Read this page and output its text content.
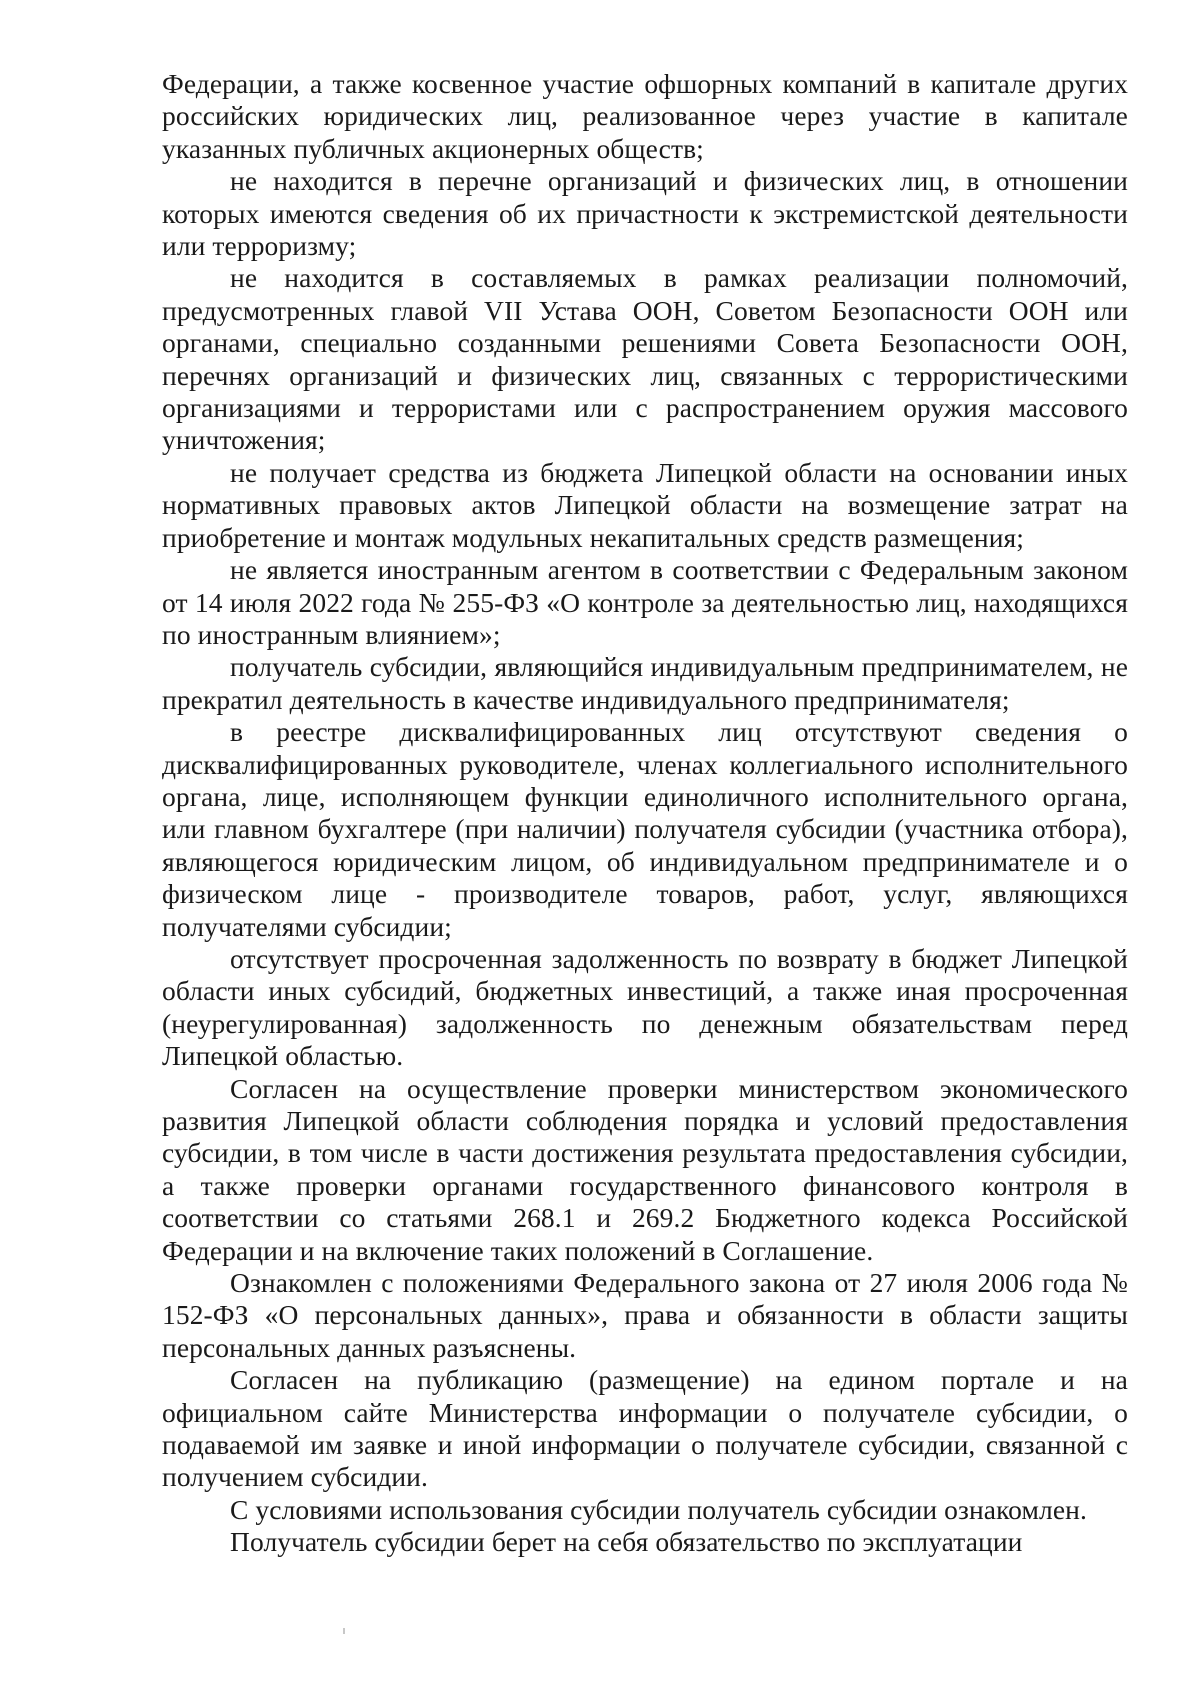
Федерации, а также косвенное участие офшорных компаний в капитале других российских юридических лиц, реализованное через участие в капитале указанных публичных акционерных обществ;

не находится в перечне организаций и физических лиц, в отношении которых имеются сведения об их причастности к экстремистской деятельности или терроризму;

не находится в составляемых в рамках реализации полномочий, предусмотренных главой VII Устава ООН, Советом Безопасности ООН или органами, специально созданными решениями Совета Безопасности ООН, перечнях организаций и физических лиц, связанных с террористическими организациями и террористами или с распространением оружия массового уничтожения;

не получает средства из бюджета Липецкой области на основании иных нормативных правовых актов Липецкой области на возмещение затрат на приобретение и монтаж модульных некапитальных средств размещения;

не является иностранным агентом в соответствии с Федеральным законом от 14 июля 2022 года № 255-ФЗ «О контроле за деятельностью лиц, находящихся по иностранным влиянием»;

получатель субсидии, являющийся индивидуальным предпринимателем, не прекратил деятельность в качестве индивидуального предпринимателя;

в реестре дисквалифицированных лиц отсутствуют сведения о дисквалифицированных руководителе, членах коллегиального исполнительного органа, лице, исполняющем функции единоличного исполнительного органа, или главном бухгалтере (при наличии) получателя субсидии (участника отбора), являющегося юридическим лицом, об индивидуальном предпринимателе и о физическом лице - производителе товаров, работ, услуг, являющихся получателями субсидии;

отсутствует просроченная задолженность по возврату в бюджет Липецкой области иных субсидий, бюджетных инвестиций, а также иная просроченная (неурегулированная) задолженность по денежным обязательствам перед Липецкой областью.

Согласен на осуществление проверки министерством экономического развития Липецкой области соблюдения порядка и условий предоставления субсидии, в том числе в части достижения результата предоставления субсидии, а также проверки органами государственного финансового контроля в соответствии со статьями 268.1 и 269.2 Бюджетного кодекса Российской Федерации и на включение таких положений в Соглашение.

Ознакомлен с положениями Федерального закона от 27 июля 2006 года № 152-ФЗ «О персональных данных», права и обязанности в области защиты персональных данных разъяснены.

Согласен на публикацию (размещение) на едином портале и на официальном сайте Министерства информации о получателе субсидии, о подаваемой им заявке и иной информации о получателе субсидии, связанной с получением субсидии.

С условиями использования субсидии получатель субсидии ознакомлен.

Получатель субсидии берет на себя обязательство по эксплуатации
